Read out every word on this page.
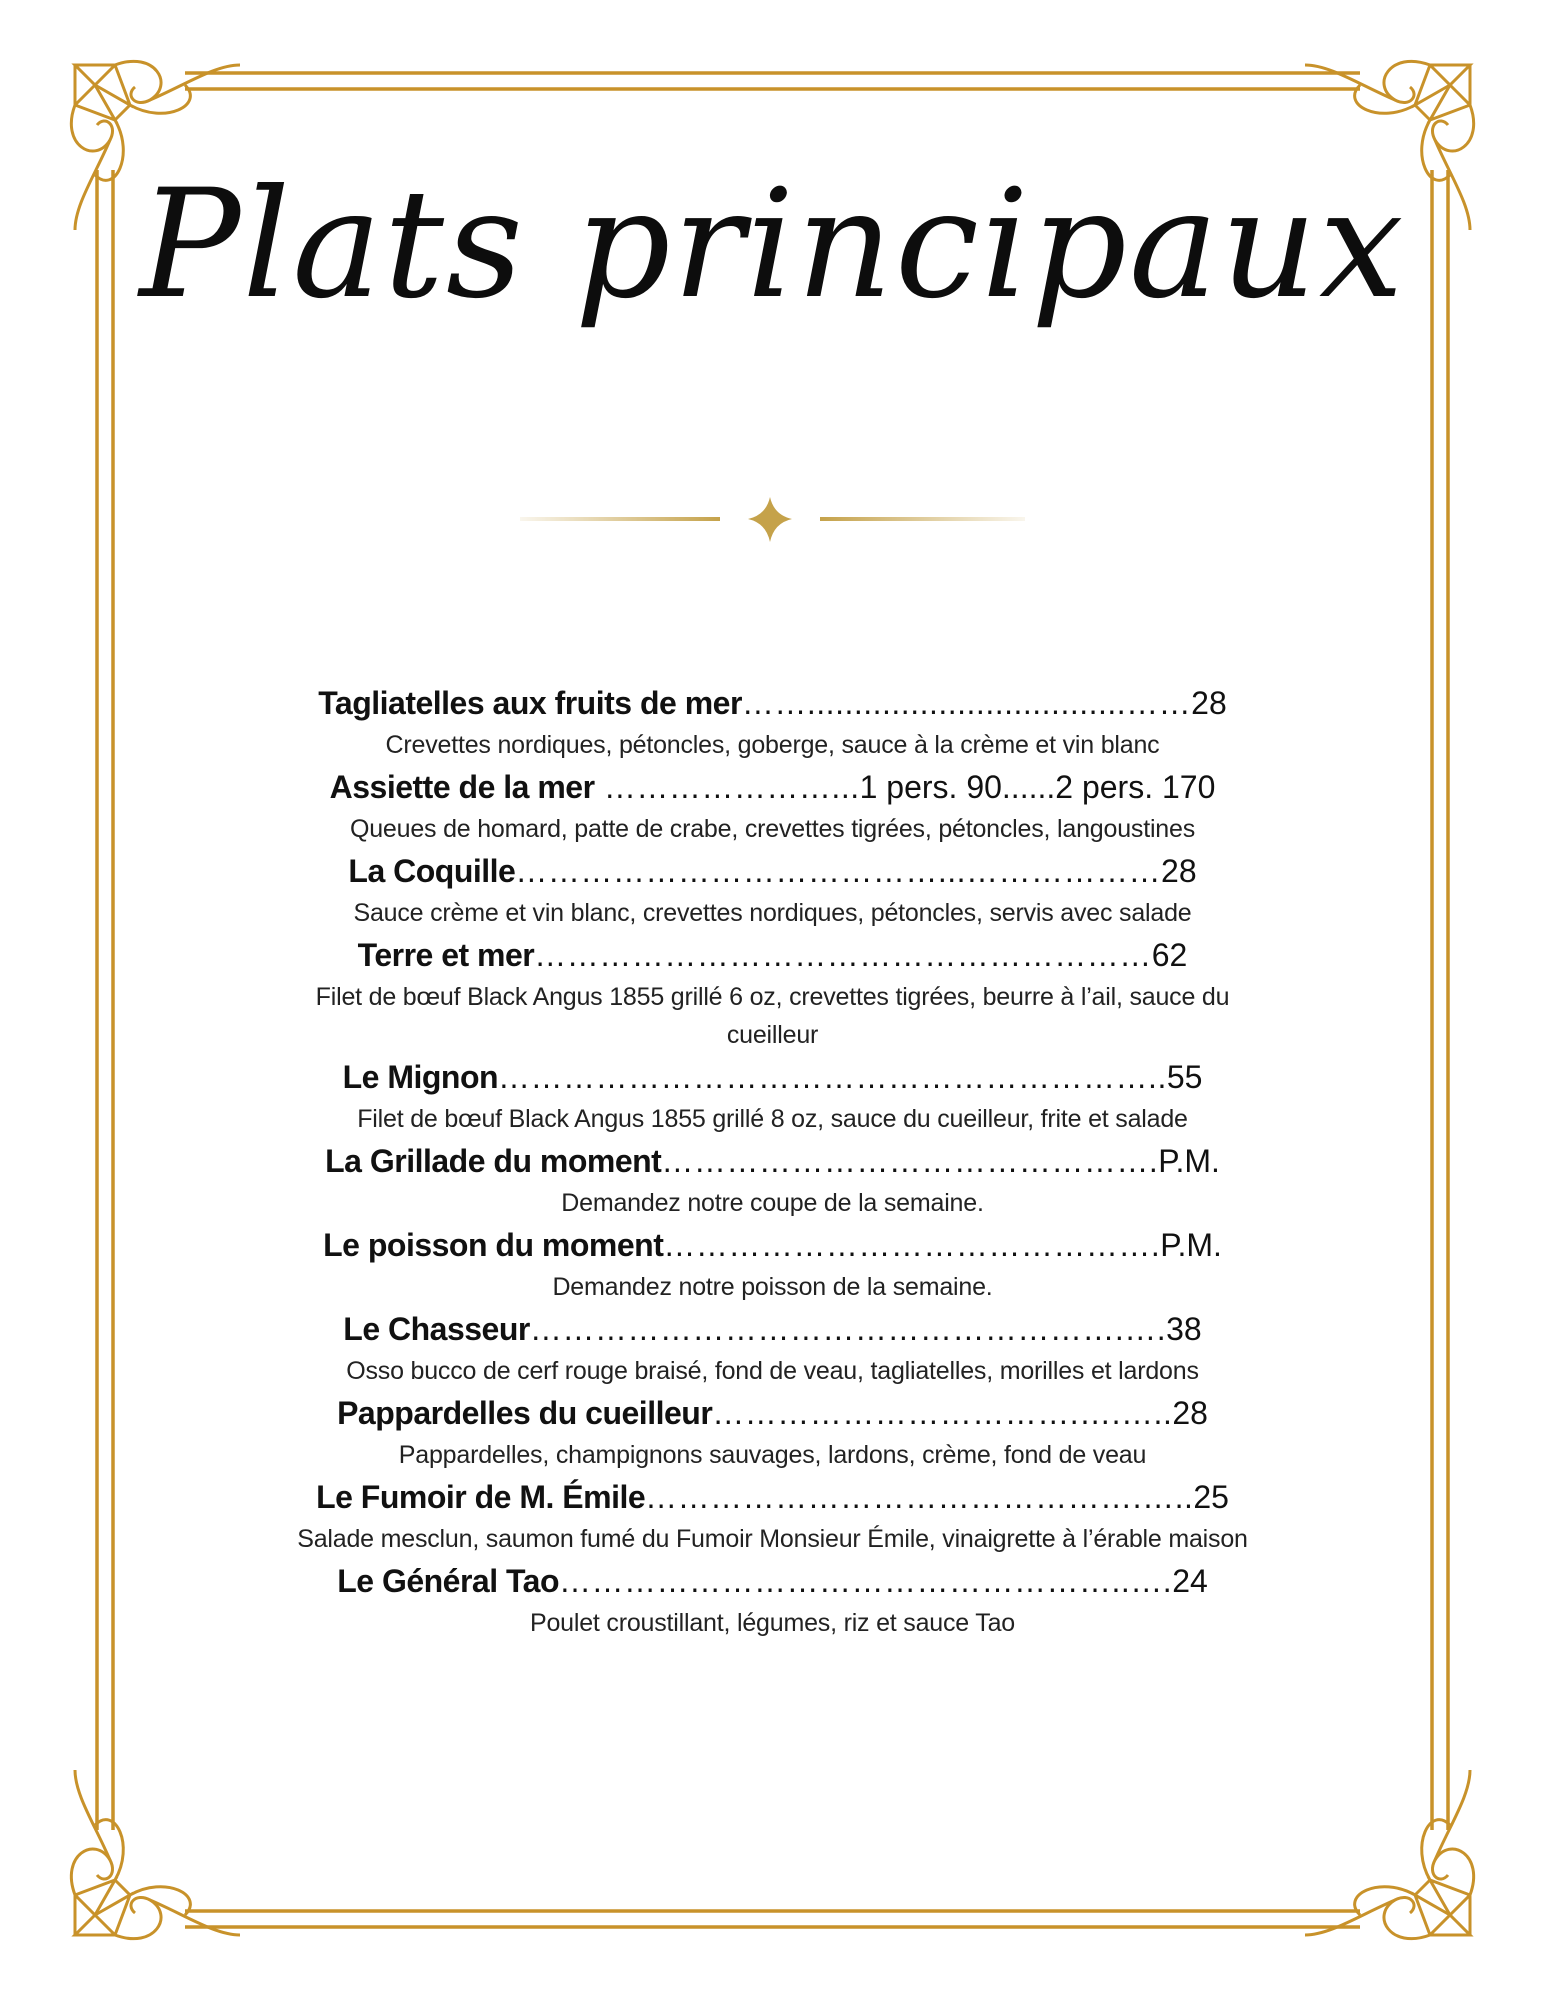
Plats principaux
Tagliatelles aux fruits de mer……..................................……28
Crevettes nordiques, pétoncles, goberge, sauce à la crème et vin blanc
Assiette de la mer …………………...1 pers. 90......2 pers. 170
Queues de homard, patte de crabe, crevettes tigrées, pétoncles, langoustines
La Coquille…………………………………...………………28
Sauce crème et vin blanc, crevettes nordiques, pétoncles, servis avec salade
Terre et mer…………………………………………………62
Filet de bœuf Black Angus 1855 grillé 6 oz, crevettes tigrées, beurre à l’ail, sauce du cueilleur
Le Mignon……………………………………………………..55
Filet de bœuf Black Angus 1855 grillé 8 oz, sauce du cueilleur, frite et salade
La Grillade du moment……………………………………….P.M.
Demandez notre coupe de la semaine.
Le poisson du moment……………………………………….P.M.
Demandez notre poisson de la semaine.
Le Chasseur……………………………………………….….38
Osso bucco de cerf rouge braisé, fond de veau, tagliatelles, morilles et lardons
Pappardelles du cueilleur…………………………….….…..28
Pappardelles, champignons sauvages, lardons, crème, fond de veau
Le Fumoir de M. Émile……………………………………….…..25
Salade mesclun, saumon fumé du Fumoir Monsieur Émile, vinaigrette à l’érable maison
Le Général Tao……………………………………………..….24
Poulet croustillant, légumes, riz et sauce Tao
